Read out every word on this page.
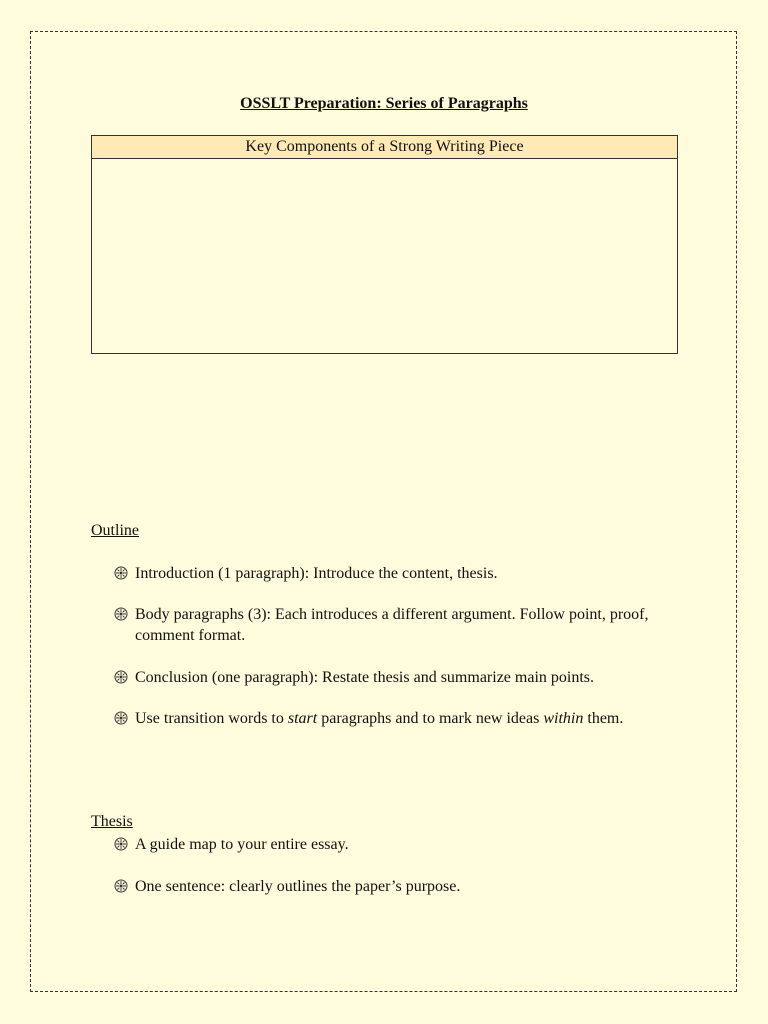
OSSLT Preparation: Series of Paragraphs
Key Components of a Strong Writing Piece
Outline
Introduction (1 paragraph): Introduce the content, thesis.
Body paragraphs (3): Each introduces a different argument. Follow point, proof, comment format.
Conclusion (one paragraph): Restate thesis and summarize main points.
Use transition words to start paragraphs and to mark new ideas within them.
Thesis
A guide map to your entire essay.
One sentence: clearly outlines the paper’s purpose.
